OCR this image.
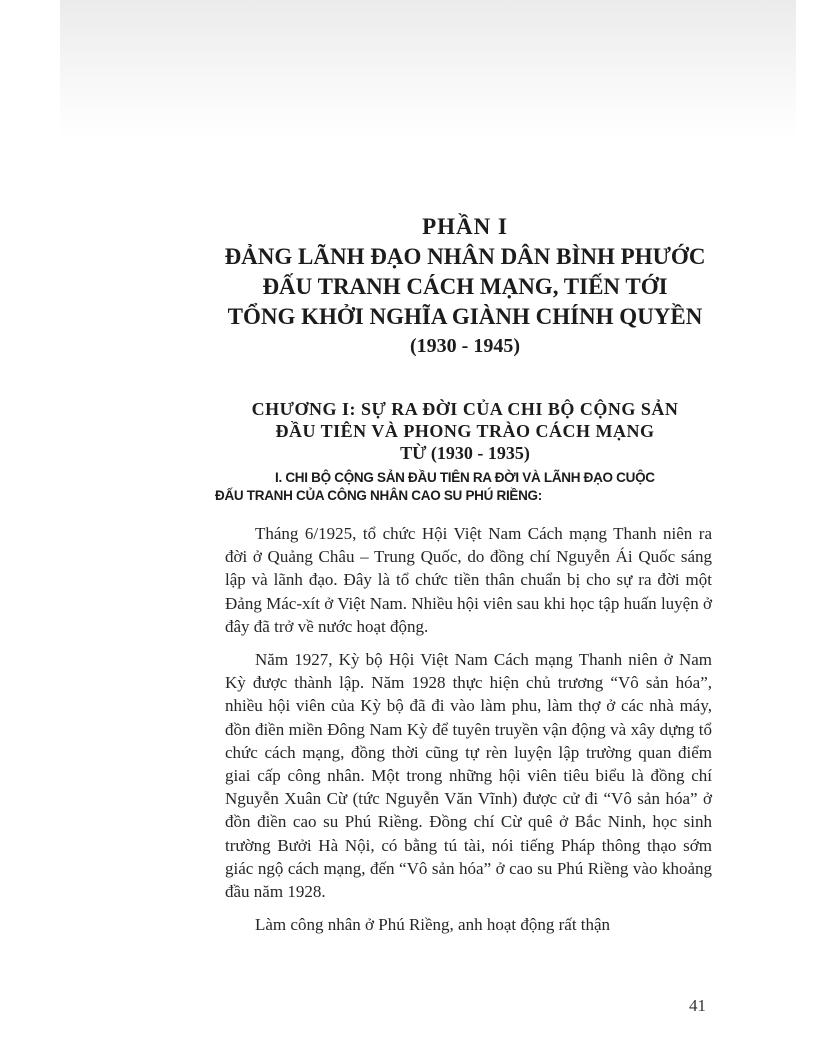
PHẦN I

ĐẢNG LÃNH ĐẠO NHÂN DÂN BÌNH PHƯỚC

ĐẤU TRANH CÁCH MẠNG, TIẾN TỚI

TỔNG KHỞI NGHĨA GIÀNH CHÍNH QUYỀN

(1930 - 1945)

CHƯƠNG I: SỰ RA ĐỜI CỦA CHI BỘ CỘNG SẢN

ĐẦU TIÊN VÀ PHONG TRÀO CÁCH MẠNG

TỪ (1930 - 1935)

I. CHI BỘ CỘNG SẢN ĐẦU TIÊN RA ĐỜI VÀ LÃNH ĐẠO CUỘC
ĐẤU TRANH CỦA CÔNG NHÂN CAO SU PHÚ RIỀNG:

Tháng 6/1925, tổ chức Hội Việt Nam Cách mạng Thanh niên ra đời ở Quảng Châu – Trung Quốc, do đồng chí Nguyễn Ái Quốc sáng lập và lãnh đạo. Đây là tổ chức tiền thân chuẩn bị cho sự ra đời một Đảng Mác-xít ở Việt Nam. Nhiều hội viên sau khi học tập huấn luyện ở đây đã trở về nước hoạt động.

Năm 1927, Kỳ bộ Hội Việt Nam Cách mạng Thanh niên ở Nam Kỳ được thành lập. Năm 1928 thực hiện chủ trương “Vô sản hóa”, nhiều hội viên của Kỳ bộ đã đi vào làm phu, làm thợ ở các nhà máy, đồn điền miền Đông Nam Kỳ để tuyên truyền vận động và xây dựng tổ chức cách mạng, đồng thời cũng tự rèn luyện lập trường quan điểm giai cấp công nhân. Một trong những hội viên tiêu biểu là đồng chí Nguyễn Xuân Cừ (tức Nguyễn Văn Vĩnh) được cử đi “Vô sản hóa” ở đồn điền cao su Phú Riềng. Đồng chí Cừ quê ở Bắc Ninh, học sinh trường Bưởi Hà Nội, có bằng tú tài, nói tiếng Pháp thông thạo sớm giác ngộ cách mạng, đến “Vô sản hóa” ở cao su Phú Riềng vào khoảng đầu năm 1928.

Làm công nhân ở Phú Riềng, anh hoạt động rất thận

41
